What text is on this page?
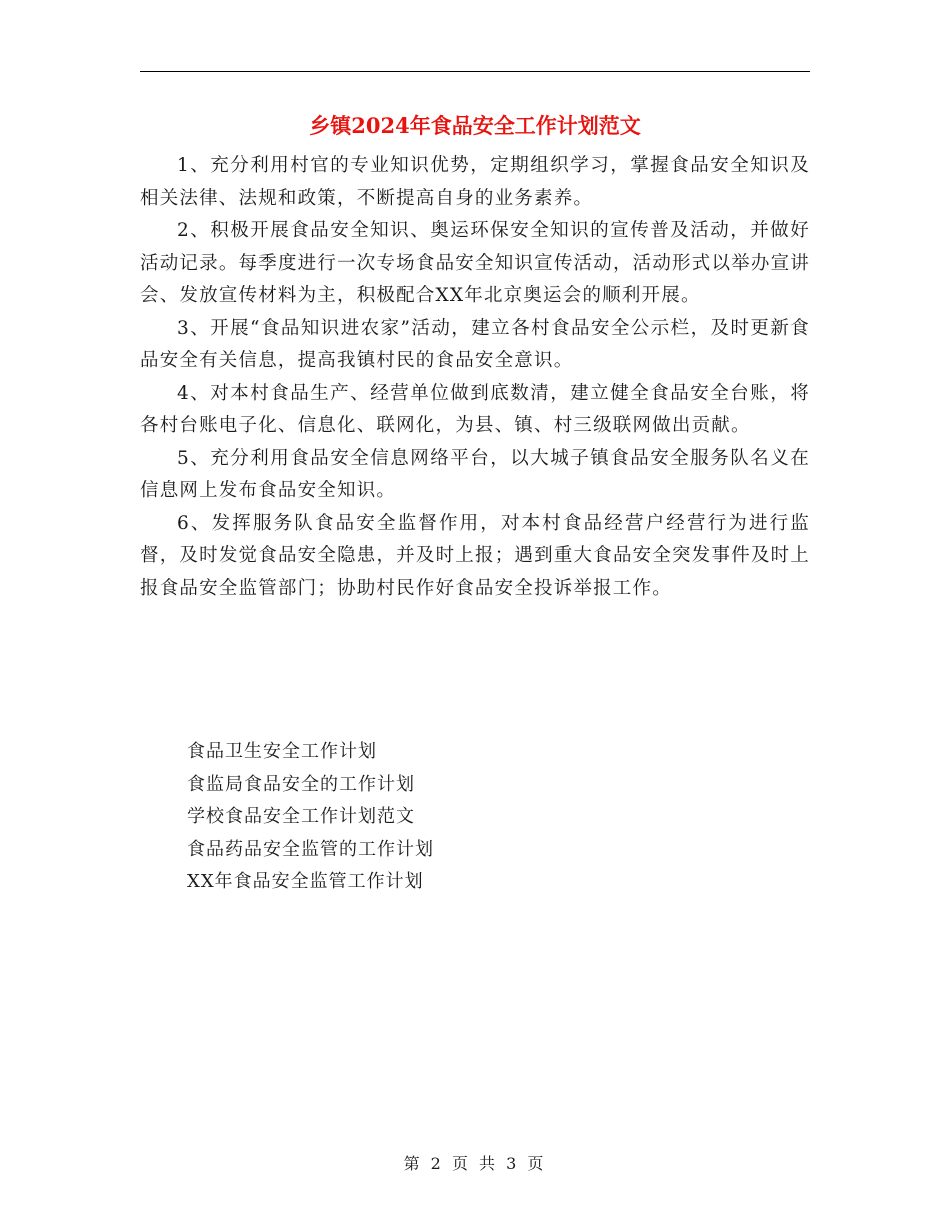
乡镇2024年食品安全工作计划范文

1、充分利用村官的专业知识优势，定期组织学习，掌握食品安全知识及相关法律、法规和政策，不断提高自身的业务素养。

2、积极开展食品安全知识、奥运环保安全知识的宣传普及活动，并做好活动记录。每季度进行一次专场食品安全知识宣传活动，活动形式以举办宣讲会、发放宣传材料为主，积极配合XX年北京奥运会的顺利开展。

3、开展“食品知识进农家”活动，建立各村食品安全公示栏，及时更新食品安全有关信息，提高我镇村民的食品安全意识。

4、对本村食品生产、经营单位做到底数清，建立健全食品安全台账，将各村台账电子化、信息化、联网化，为县、镇、村三级联网做出贡献。

5、充分利用食品安全信息网络平台，以大城子镇食品安全服务队名义在信息网上发布食品安全知识。

6、发挥服务队食品安全监督作用，对本村食品经营户经营行为进行监督，及时发觉食品安全隐患，并及时上报；遇到重大食品安全突发事件及时上报食品安全监管部门；协助村民作好食品安全投诉举报工作。

食品卫生安全工作计划
食监局食品安全的工作计划
学校食品安全工作计划范文
食品药品安全监管的工作计划
XX年食品安全监管工作计划
第 2 页 共 3 页
